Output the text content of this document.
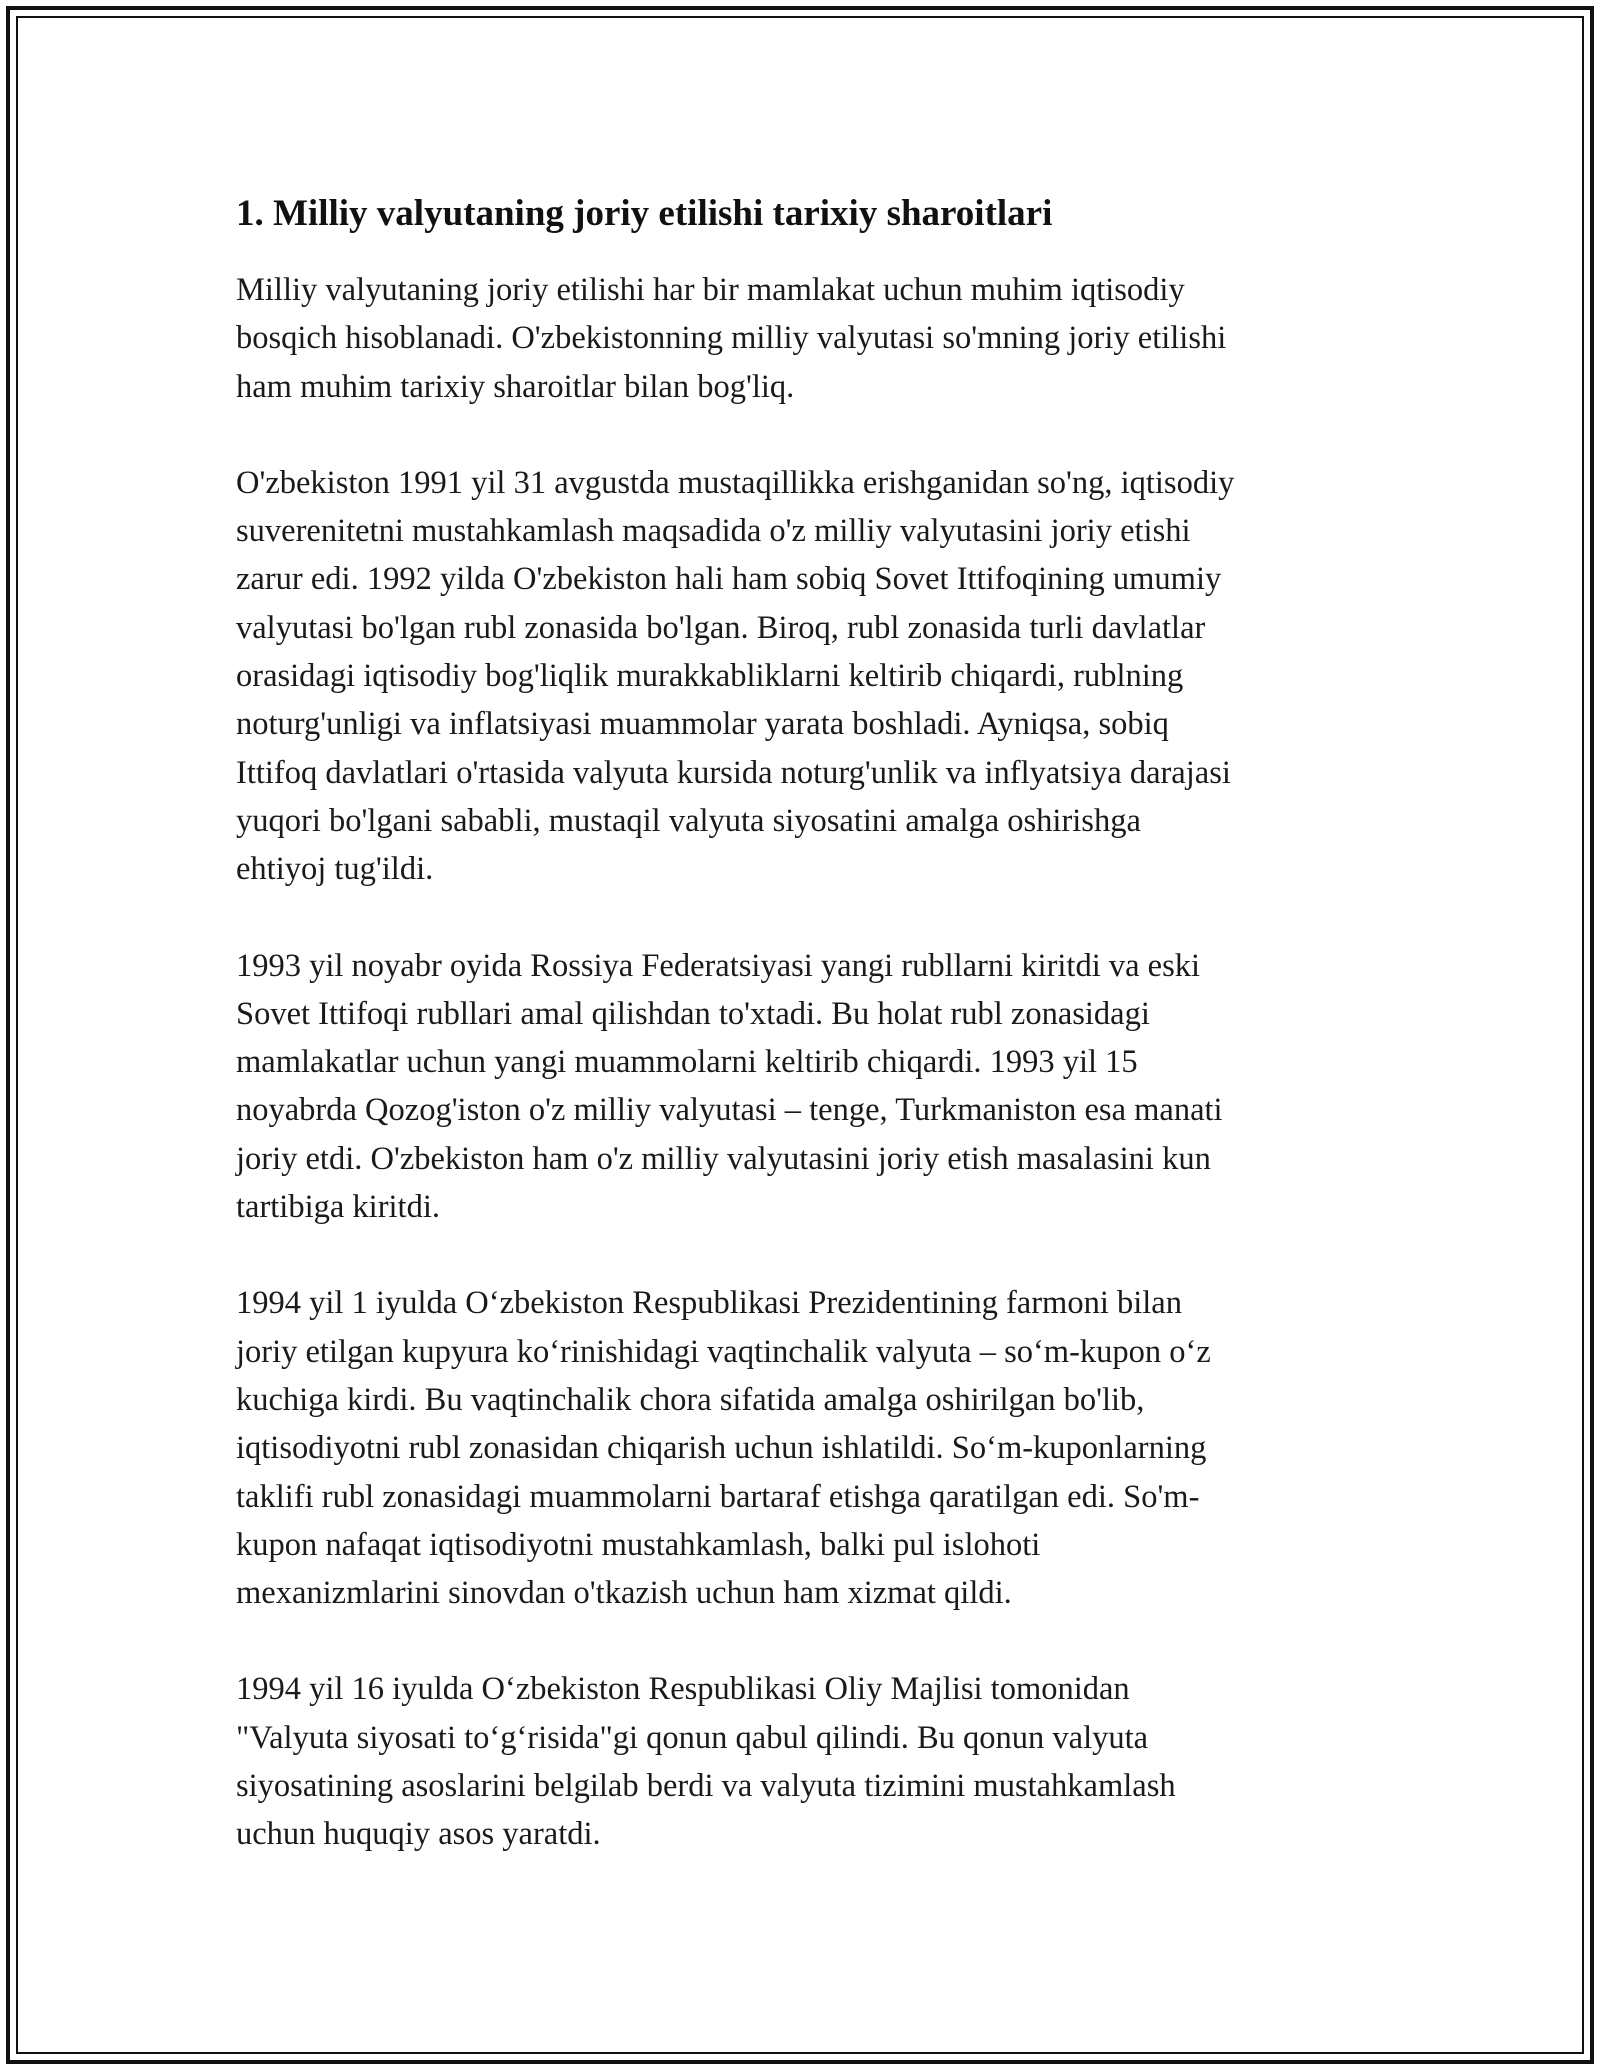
1. Milliy valyutaning joriy etilishi tarixiy sharoitlari

Milliy valyutaning joriy etilishi har bir mamlakat uchun muhim iqtisodiy
bosqich hisoblanadi. O'zbekistonning milliy valyutasi so'mning joriy etilishi
ham muhim tarixiy sharoitlar bilan bog'liq.

O'zbekiston 1991 yil 31 avgustda mustaqillikka erishganidan so'ng, iqtisodiy
suverenitetni mustahkamlash maqsadida o'z milliy valyutasini joriy etishi
zarur edi. 1992 yilda O'zbekiston hali ham sobiq Sovet Ittifoqining umumiy
valyutasi bo'lgan rubl zonasida bo'lgan. Biroq, rubl zonasida turli davlatlar
orasidagi iqtisodiy bog'liqlik murakkabliklarni keltirib chiqardi, rublning
noturg'unligi va inflatsiyasi muammolar yarata boshladi. Ayniqsa, sobiq
Ittifoq davlatlari o'rtasida valyuta kursida noturg'unlik va inflyatsiya darajasi
yuqori bo'lgani sababli, mustaqil valyuta siyosatini amalga oshirishga
ehtiyoj tug'ildi.

1993 yil noyabr oyida Rossiya Federatsiyasi yangi rubllarni kiritdi va eski
Sovet Ittifoqi rubllari amal qilishdan to'xtadi. Bu holat rubl zonasidagi
mamlakatlar uchun yangi muammolarni keltirib chiqardi. 1993 yil 15
noyabrda Qozog'iston o'z milliy valyutasi – tenge, Turkmaniston esa manati
joriy etdi. O'zbekiston ham o'z milliy valyutasini joriy etish masalasini kun
tartibiga kiritdi.

1994 yil 1 iyulda O‘zbekiston Respublikasi Prezidentining farmoni bilan
joriy etilgan kupyura ko‘rinishidagi vaqtinchalik valyuta – so‘m-kupon o‘z
kuchiga kirdi. Bu vaqtinchalik chora sifatida amalga oshirilgan bo'lib,
iqtisodiyotni rubl zonasidan chiqarish uchun ishlatildi. So‘m-kuponlarning
taklifi rubl zonasidagi muammolarni bartaraf etishga qaratilgan edi. So'm-
kupon nafaqat iqtisodiyotni mustahkamlash, balki pul islohoti
mexanizmlarini sinovdan o'tkazish uchun ham xizmat qildi.

1994 yil 16 iyulda O‘zbekiston Respublikasi Oliy Majlisi tomonidan
"Valyuta siyosati to‘g‘risida"gi qonun qabul qilindi. Bu qonun valyuta
siyosatining asoslarini belgilab berdi va valyuta tizimini mustahkamlash
uchun huquqiy asos yaratdi.
